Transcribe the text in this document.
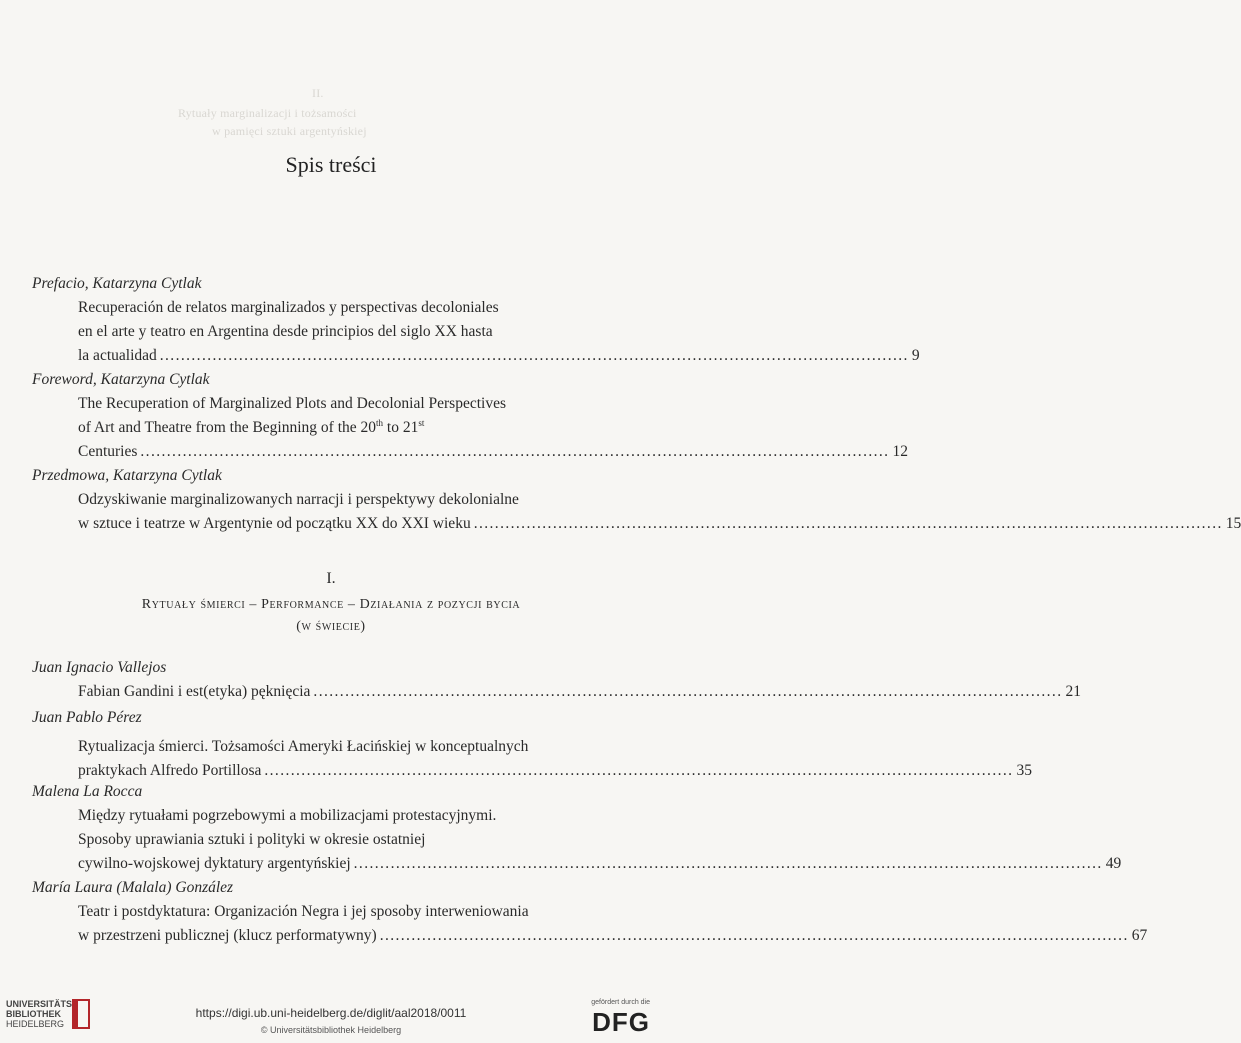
II.
Rytuały marginalizacji i tożsamości
w pamięci sztuki argentyńskiej
Spis treści
Prefacio, Katarzyna Cytlak
Recuperación de relatos marginalizados y perspectivas decoloniales
en el arte y teatro en Argentina desde principios del siglo XX hasta
la actualidad .............................................................................................................................................. 9
Foreword, Katarzyna Cytlak
The Recuperation of Marginalized Plots and Decolonial Perspectives
of Art and Theatre from the Beginning of the 20th to 21st
Centuries .............................................................................................................................................. 12
Przedmowa, Katarzyna Cytlak
Odzyskiwanie marginalizowanych narracji i perspektywy dekolonialne
w sztuce i teatrze w Argentynie od początku XX do XXI wieku .............................................................................................................................................. 15
I.
Rytuały śmierci – Performance – Działania z pozycji bycia
(w świecie)
Juan Ignacio Vallejos
Fabian Gandini i est(etyka) pęknięcia .............................................................................................................................................. 21
Juan Pablo Pérez
Rytualizacja śmierci. Tożsamości Ameryki Łacińskiej w konceptualnych
praktykach Alfredo Portillosa .............................................................................................................................................. 35
Malena La Rocca
Między rytuałami pogrzebowymi a mobilizacjami protestacyjnymi.
Sposoby uprawiania sztuki i polityki w okresie ostatniej
cywilno-wojskowej dyktatury argentyńskiej .............................................................................................................................................. 49
María Laura (Malala) González
Teatr i postdyktatura: Organización Negra i jej sposoby interweniowania
w przestrzeni publicznej (klucz performatywny) .............................................................................................................................................. 67
UNIVERSITÄTS-
BIBLIOTHEK
HEIDELBERG
https://digi.ub.uni-heidelberg.de/diglit/aal2018/0011
© Universitätsbibliothek Heidelberg
gefördert durch die
DFG
